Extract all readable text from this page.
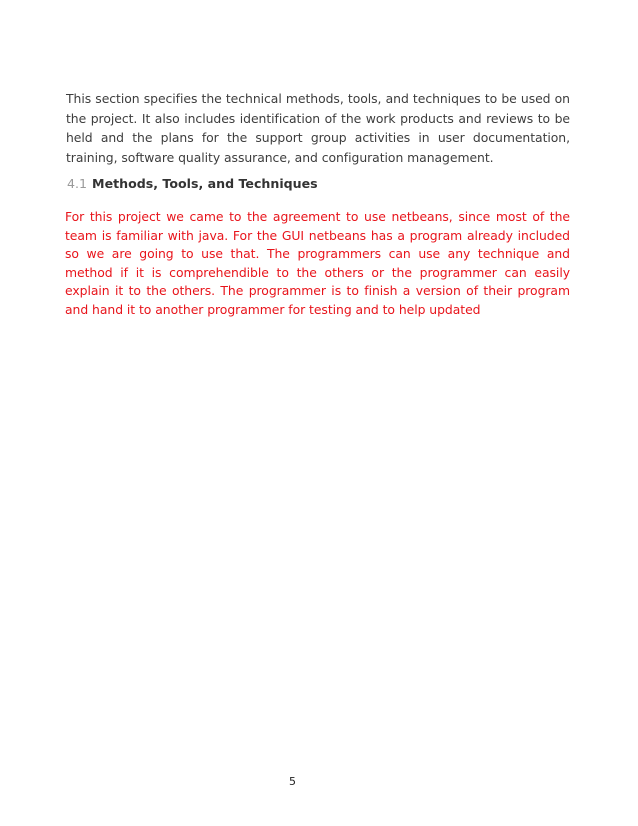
This section specifies the technical methods, tools, and techniques to be used on the project. It also includes identification of the work products and reviews to be held and the plans for the support group activities in user documentation, training, software quality assurance, and configuration management.

4.1 Methods, Tools, and Techniques

For this project we came to the agreement to use netbeans, since most of the team is familiar with java. For the GUI netbeans has a program already included so we are going to use that. The programmers can use any technique and method if it is comprehendible to the others or the programmer can easily explain it to the others. The programmer is to finish a version of their program and hand it to another programmer for testing and to help updated

5
